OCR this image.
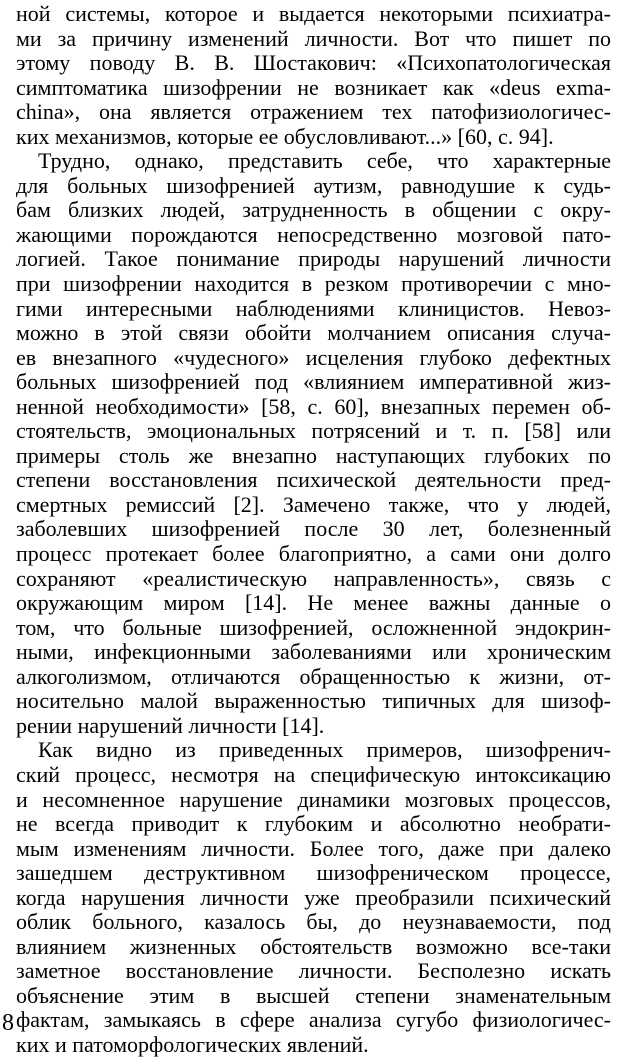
ной системы, которое и выдается некоторыми психиатра-
ми за причину изменений личности. Вот что пишет по
этому поводу В. В. Шостакович: «Психопатологическая
симптоматика шизофрении не возникает как «deus exma-
china», она является отражением тех патофизиологичес-
ких механизмов, которые ее обусловливают...» [60, с. 94].
Трудно, однако, представить себе, что характерные
для больных шизофренией аутизм, равнодушие к судь-
бам близких людей, затрудненность в общении с окру-
жающими порождаются непосредственно мозговой пато-
логией. Такое понимание природы нарушений личности
при шизофрении находится в резком противоречии с мно-
гими интересными наблюдениями клиницистов. Невоз-
можно в этой связи обойти молчанием описания случа-
ев внезапного «чудесного» исцеления глубоко дефектных
больных шизофренией под «влиянием императивной жиз-
ненной необходимости» [58, с. 60], внезапных перемен об-
стоятельств, эмоциональных потрясений и т. п. [58] или
примеры столь же внезапно наступающих глубоких по
степени восстановления психической деятельности пред-
смертных ремиссий [2]. Замечено также, что у людей,
заболевших шизофренией после 30 лет, болезненный
процесс протекает более благоприятно, а сами они долго
сохраняют «реалистическую направленность», связь с
окружающим миром [14]. Не менее важны данные о
том, что больные шизофренией, осложненной эндокрин-
ными, инфекционными заболеваниями или хроническим
алкоголизмом, отличаются обращенностью к жизни, от-
носительно малой выраженностью типичных для шизоф-
рении нарушений личности [14].
Как видно из приведенных примеров, шизофренич-
ский процесс, несмотря на специфическую интоксикацию
и несомненное нарушение динамики мозговых процессов,
не всегда приводит к глубоким и абсолютно необрати-
мым изменениям личности. Более того, даже при далеко
зашедшем деструктивном шизофреническом процессе,
когда нарушения личности уже преобразили психический
облик больного, казалось бы, до неузнаваемости, под
влиянием жизненных обстоятельств возможно все-таки
заметное восстановление личности. Бесполезно искать
объяснение этим в высшей степени знаменательным
фактам, замыкаясь в сфере анализа сугубо физиологичес-
ких и патоморфологических явлений.
8
